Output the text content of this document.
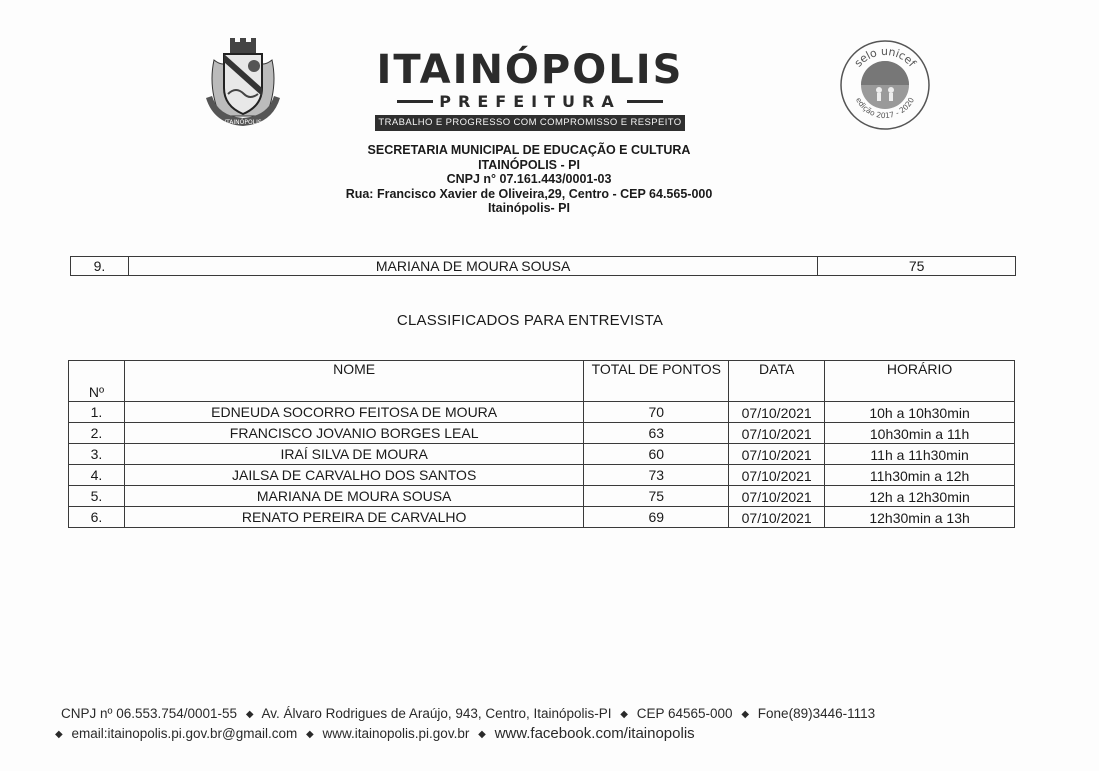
ITAINÓPOLIS
ITAINÓPOLIS
PREFEITURA
TRABALHO E PROGRESSO COM COMPROMISSO E RESPEITO
selo unicef
edição 2017 - 2020
SECRETARIA MUNICIPAL DE EDUCAÇÃO E CULTURA
ITAINÓPOLIS - PI
CNPJ n° 07.161.443/0001-03
Rua: Francisco Xavier de Oliveira,29, Centro - CEP 64.565-000
Itainópolis- PI
9.	MARIANA DE MOURA SOUSA	75
CLASSIFICADOS PARA ENTREVISTA
Nº	NOME	TOTAL DE PONTOS	DATA	HORÁRIO
1.	EDNEUDA SOCORRO FEITOSA DE MOURA	70	07/10/2021	10h a 10h30min
2.	FRANCISCO JOVANIO BORGES LEAL	63	07/10/2021	10h30min a 11h
3.	IRAÍ SILVA DE MOURA	60	07/10/2021	11h a 11h30min
4.	JAILSA DE CARVALHO DOS SANTOS	73	07/10/2021	11h30min a 12h
5.	MARIANA DE MOURA SOUSA	75	07/10/2021	12h a 12h30min
6.	RENATO PEREIRA DE CARVALHO	69	07/10/2021	12h30min a 13h
CNPJ nº 06.553.754/0001-55 ◆ Av. Álvaro Rodrigues de Araújo, 943, Centro, Itainópolis-PI ◆ CEP 64565-000 ◆ Fone(89)3446-1113
◆ email:itainopolis.pi.gov.br@gmail.com ◆ www.itainopolis.pi.gov.br ◆ www.facebook.com/itainopolis
